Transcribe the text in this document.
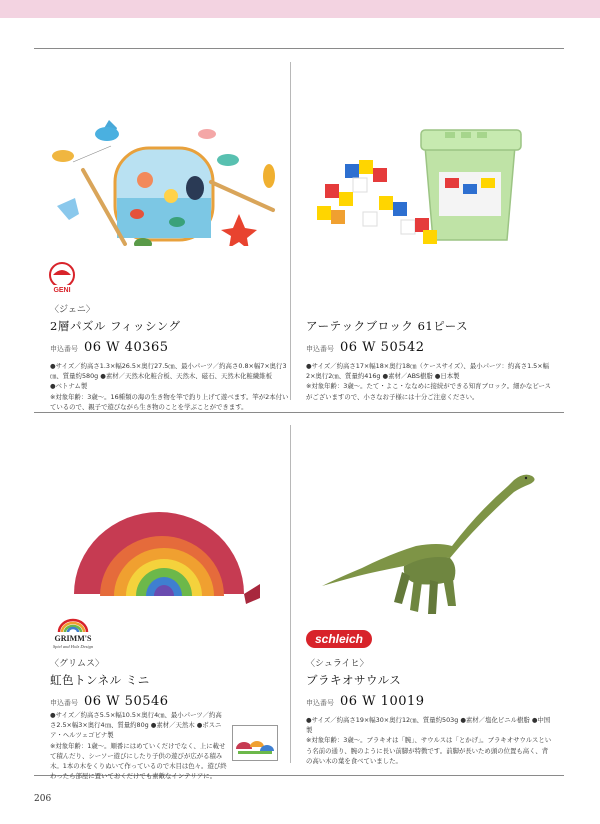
GENI
〈ジェニ〉
2層パズル フィッシング
申込番号 06 W 40365

●サイズ／約高さ1.3×幅26.5×奥行27.5㎝、最小パーツ／約高さ0.8×幅7×奥行3㎝、質量約580g ●素材／天然木化粧合板、天然木、磁石、天然木化粧繊維板

●ベトナム製

※対象年齢：3歳～。16種類の海の生き物を竿で釣り上げて遊べます。竿が2本付いているので、親子で遊びながら生き物のことを学ぶことができます。

アーテックブロック 61ピース
申込番号 06 W 50542

●サイズ／約高さ17×幅18×奥行18㎝（ケースサイズ）、最小パーツ：約高さ1.5×幅2×奥行2㎝、質量約416g ●素材／ABS樹脂 ●日本製

※対象年齢：3歳～。たて・よこ・ななめに接続ができる知育ブロック。細かなピースがございますので、小さなお子様には十分ご注意ください。

GRIMM'S
Spiel and Holz Design
〈グリムス〉
虹色トンネル ミニ
申込番号 06 W 50546

●サイズ／約高さ5.5×幅10.5×奥行4㎝、最小パーツ／約高さ2.5×幅3×奥行4㎝、質量約80g ●素材／天然木 ●ボスニア・ヘルツェゴビナ製

※対象年齢：1歳～。順番にはめていくだけでなく、上に載せて積んだり、シーソー遊びにしたり子供の遊びが広がる積み木。1本の木をくりぬいて作っているので木目は色々。遊び終わったら部屋に置いておくだけでも素敵なインテリアに。

schleich
〈シュライヒ〉
ブラキオサウルス
申込番号 06 W 10019

●サイズ／約高さ19×幅30×奥行12㎝、質量約503g ●素材／塩化ビニル樹脂 ●中国製

※対象年齢：3歳～。ブラキオは「腕」、サウルスは「とかげ」。ブラキオサウルスという名前の通り、腕のように長い前脚が特徴です。前脚が長いため頭の位置も高く、背の高い木の葉を食べていました。

206
